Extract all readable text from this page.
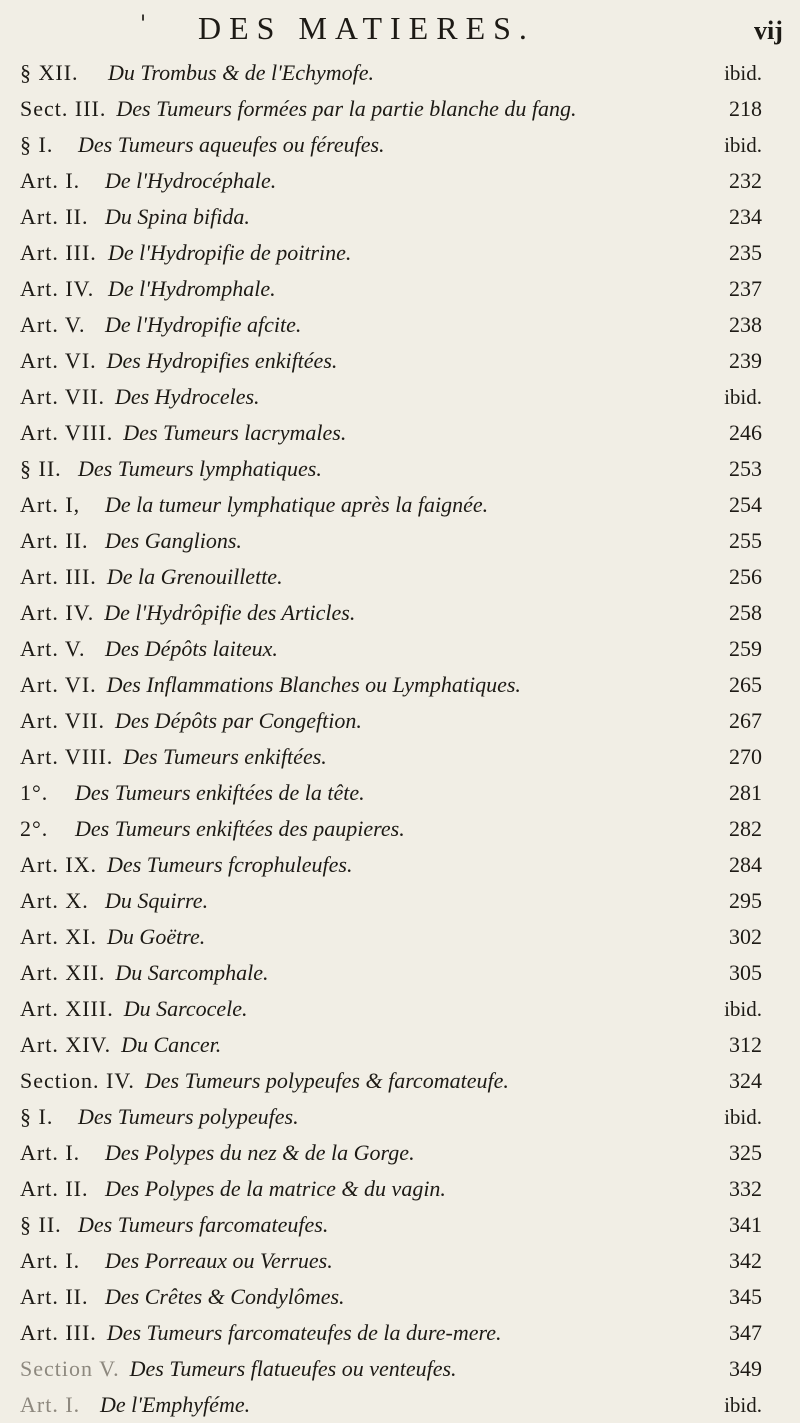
' DES MATIERES.	vij
§ XII. Du Trombus & de l'Echymofe.	ibid.
Sect. III. Des Tumeurs formées par la partie blanche du fang.	218
§ I. Des Tumeurs aqueufes ou féreufes.	ibid.
Art. I. De l'Hydrocéphale.	232
Art. II. Du Spina bifida.	234
Art. III. De l'Hydropifie de poitrine.	235
Art. IV. De l'Hydromphale.	237
Art. V. De l'Hydropifie afcite.	238
Art. VI. Des Hydropifies enkiftées.	239
Art. VII. Des Hydroceles.	ibid.
Art. VIII. Des Tumeurs lacrymales.	246
§ II. Des Tumeurs lymphatiques.	253
Art. I, De la tumeur lymphatique après la faignée.	254
Art. II. Des Ganglions.	255
Art. III. De la Grenouillette.	256
Art. IV. De l'Hydrôpifie des Articles.	258
Art. V. Des Dépôts laiteux.	259
Art. VI. Des Inflammations Blanches ou Lymphatiques.	265
Art. VII. Des Dépôts par Congeftion.	267
Art. VIII. Des Tumeurs enkiftées.	270
1°. Des Tumeurs enkiftées de la tête.	281
2°. Des Tumeurs enkiftées des paupieres.	282
Art. IX. Des Tumeurs fcrophuleufes.	284
Art. X. Du Squirre.	295
Art. XI. Du Goëtre.	302
Art. XII. Du Sarcomphale.	305
Art. XIII. Du Sarcocele.	ibid.
Art. XIV. Du Cancer.	312
Section. IV. Des Tumeurs polypeufes & farcomateufe.	324
§ I. Des Tumeurs polypeufes.	ibid.
Art. I. Des Polypes du nez & de la Gorge.	325
Art. II. Des Polypes de la matrice & du vagin.	332
§ II. Des Tumeurs farcomateufes.	341
Art. I. Des Porreaux ou Verrues.	342
Art. II. Des Crêtes & Condylômes.	345
Art. III. Des Tumeurs farcomateufes de la dure-mere.	347
Section V. Des Tumeurs flatueufes ou venteufes.	349
Art. I. De l'Emphyféme.	ibid.
